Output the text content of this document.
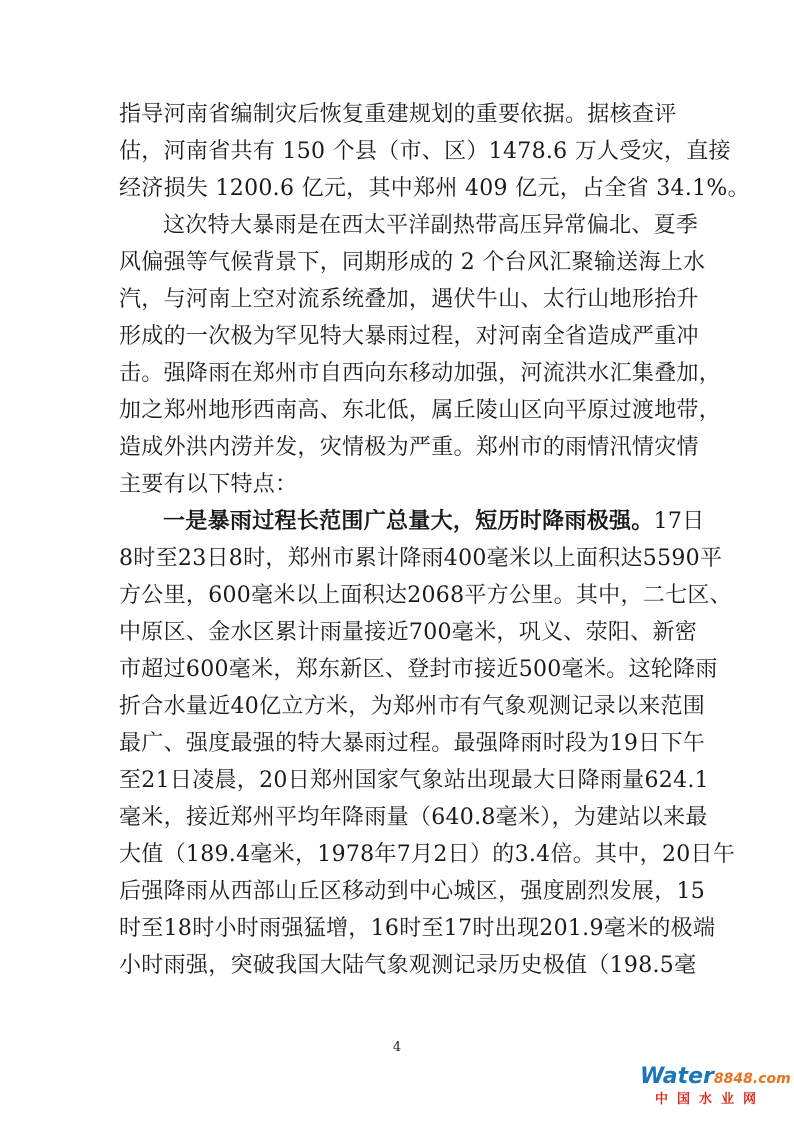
指导河南省编制灾后恢复重建规划的重要依据。据核查评
估，河南省共有 150 个县（市、区）1478.6 万人受灾，直接
经济损失 1200.6 亿元，其中郑州 409 亿元，占全省 34.1%。
这次特大暴雨是在西太平洋副热带高压异常偏北、夏季
风偏强等气候背景下，同期形成的 2 个台风汇聚输送海上水
汽，与河南上空对流系统叠加，遇伏牛山、太行山地形抬升
形成的一次极为罕见特大暴雨过程，对河南全省造成严重冲
击。强降雨在郑州市自西向东移动加强，河流洪水汇集叠加，
加之郑州地形西南高、东北低，属丘陵山区向平原过渡地带，
造成外洪内涝并发，灾情极为严重。郑州市的雨情汛情灾情
主要有以下特点：
一是暴雨过程长范围广总量大，短历时降雨极强。17日
8时至23日8时，郑州市累计降雨400毫米以上面积达5590平
方公里，600毫米以上面积达2068平方公里。其中，二七区、
中原区、金水区累计雨量接近700毫米，巩义、荥阳、新密
市超过600毫米，郑东新区、登封市接近500毫米。这轮降雨
折合水量近40亿立方米，为郑州市有气象观测记录以来范围
最广、强度最强的特大暴雨过程。最强降雨时段为19日下午
至21日凌晨，20日郑州国家气象站出现最大日降雨量624.1
毫米，接近郑州平均年降雨量（640.8毫米），为建站以来最
大值（189.4毫米，1978年7月2日）的3.4倍。其中，20日午
后强降雨从西部山丘区移动到中心城区，强度剧烈发展，15
时至18时小时雨强猛增，16时至17时出现201.9毫米的极端
小时雨强，突破我国大陆气象观测记录历史极值（198.5毫
4
Water8848.com
中国水业网
